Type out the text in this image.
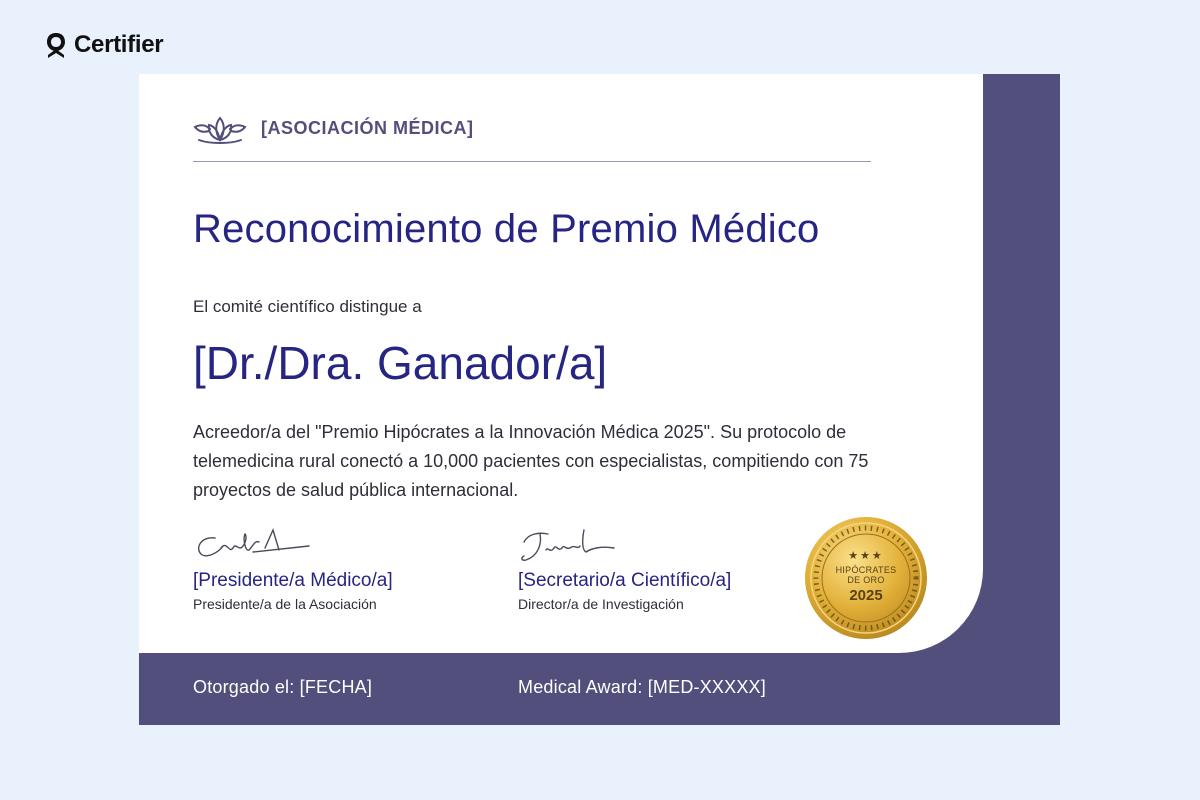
Certifier
[ASOCIACIÓN MÉDICA]
Reconocimiento de Premio Médico
El comité científico distingue a
[Dr./Dra. Ganador/a]
Acreedor/a del "Premio Hipócrates a la Innovación Médica 2025". Su protocolo de telemedicina rural conectó a 10,000 pacientes con especialistas, compitiendo con 75 proyectos de salud pública internacional.
[Presidente/a Médico/a]
Presidente/a de la Asociación
[Secretario/a Científico/a]
Director/a de Investigación
★★★
HIPÓCRATES
DE ORO
2025
Otorgado el: [FECHA]	Medical Award: [MED-XXXXX]
